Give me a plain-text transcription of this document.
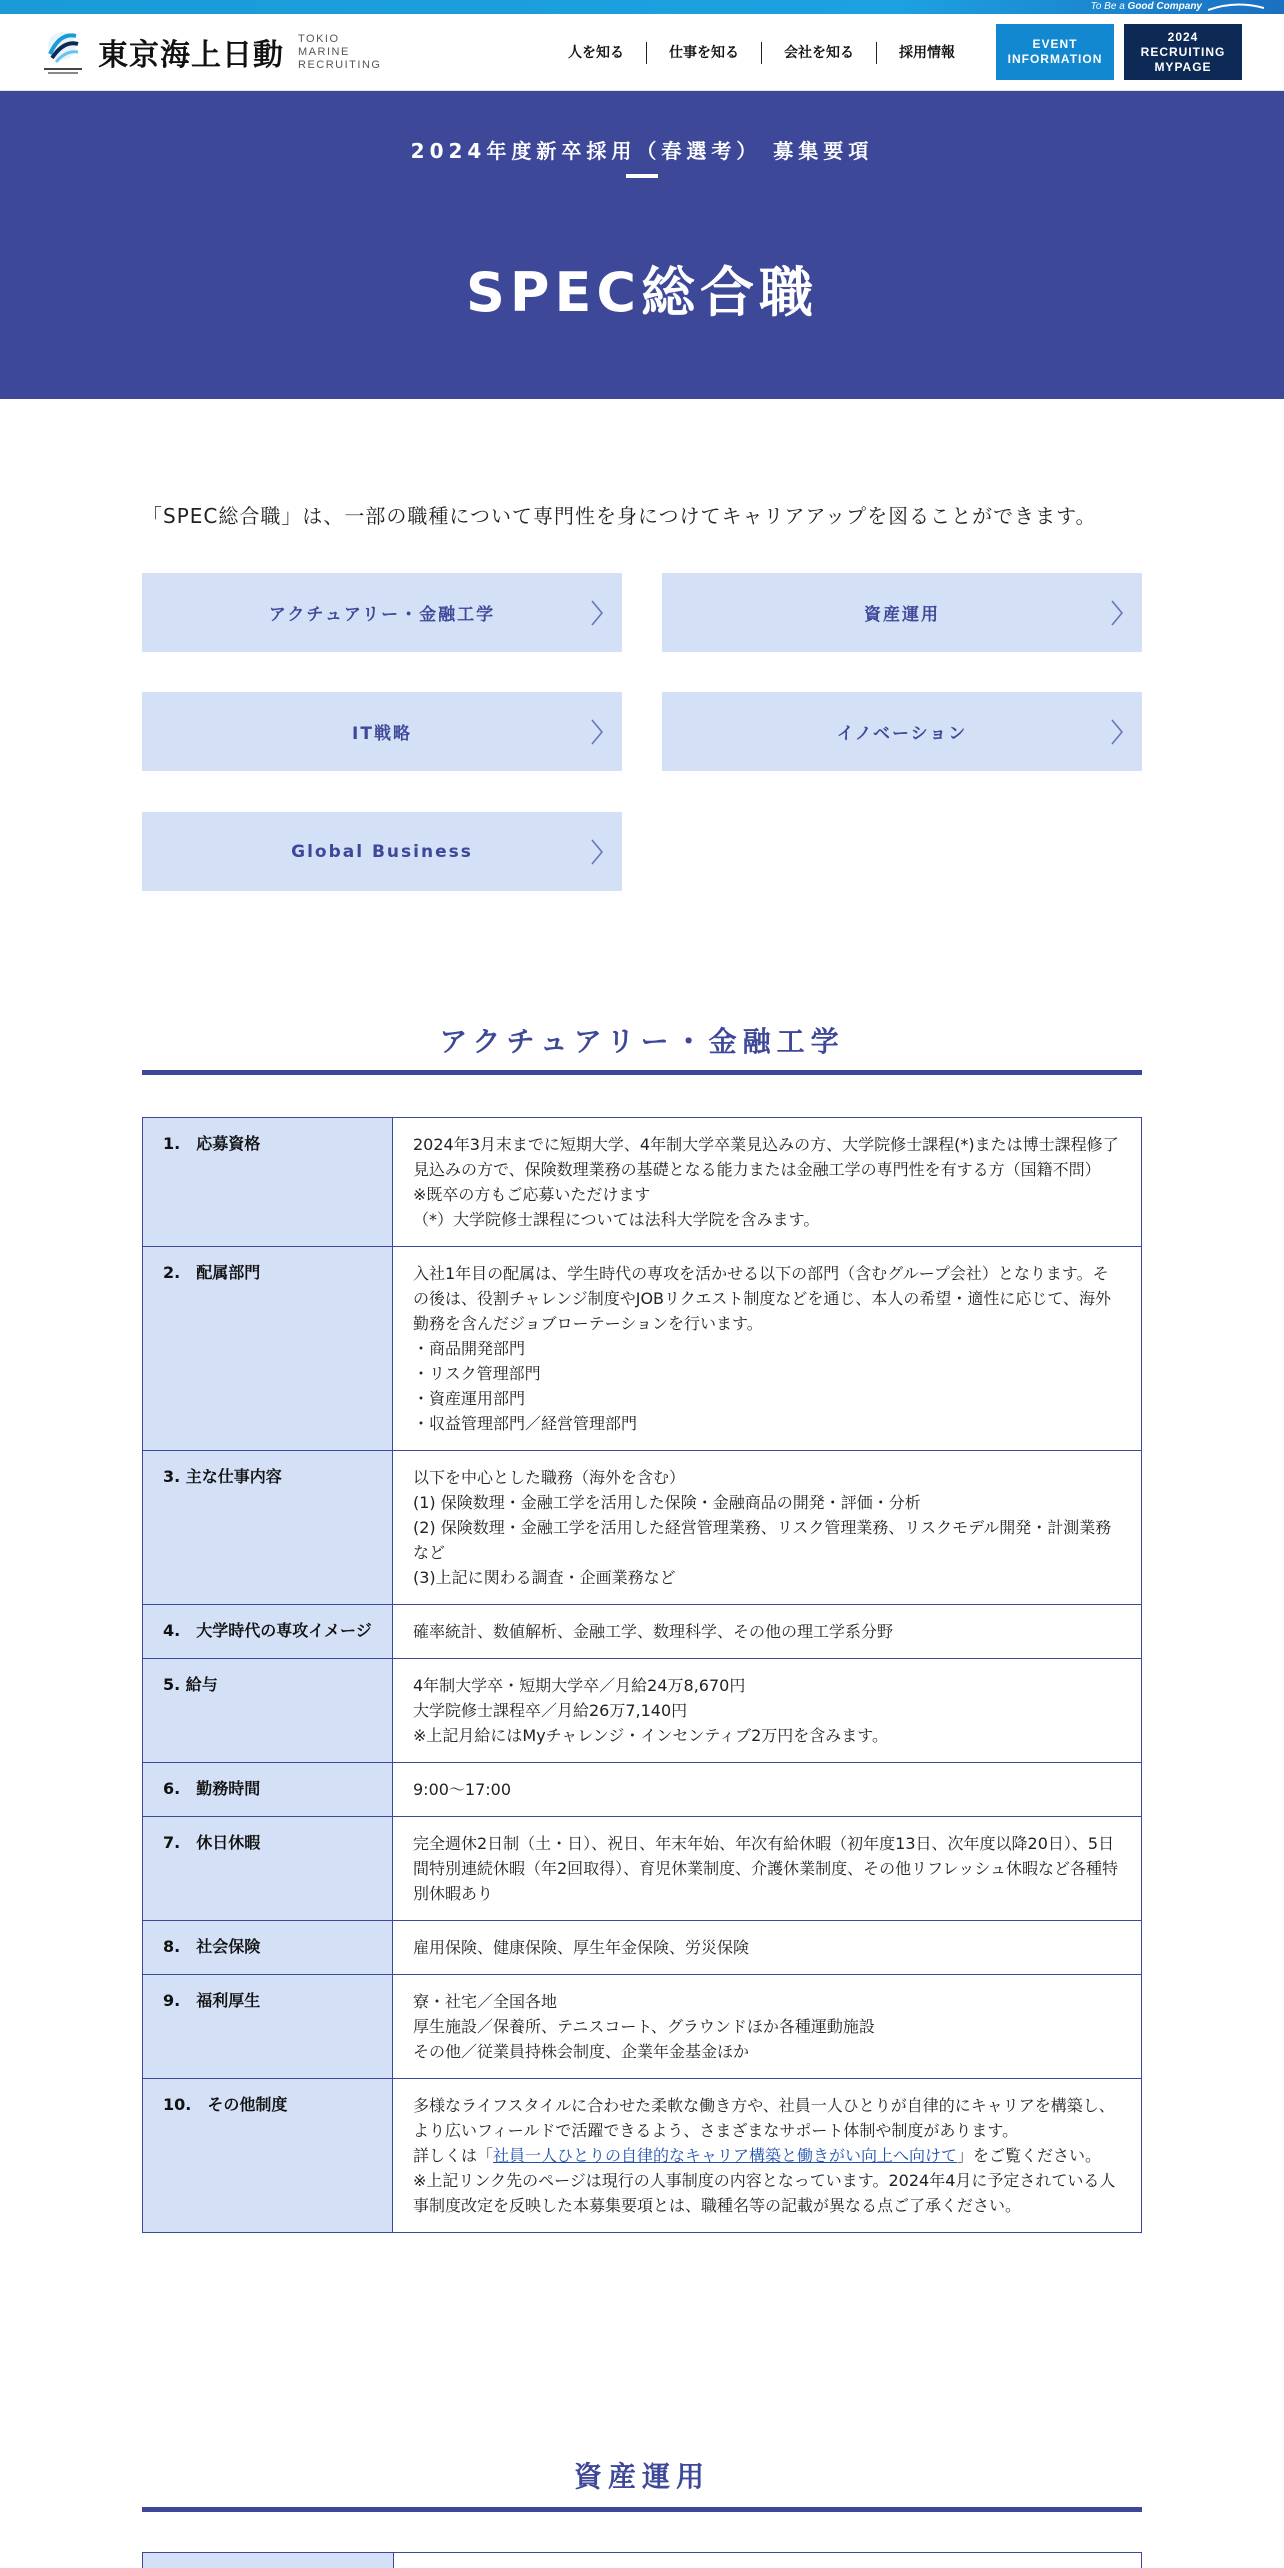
To Be a Good Company
東京海上日動 TOKIO MARINE RECRUITING
人を知る	仕事を知る	会社を知る	採用情報
EVENT INFORMATION
2024 RECRUITING MYPAGE
2024年度新卒採用（春選考） 募集要項
SPEC総合職

「SPEC総合職」は、一部の職種について専門性を身につけてキャリアアップを図ることができます。

アクチュアリー・金融工学	資産運用
IT戦略	イノベーション
Global Business
アクチュアリー・金融工学
1.　応募資格	2024年3月末までに短期大学、4年制大学卒業見込みの方、大学院修士課程(*)または博士課程修了見込みの方で、保険数理業務の基礎となる能力または金融工学の専門性を有する方（国籍不問）
※既卒の方もご応募いただけます
（*）大学院修士課程については法科大学院を含みます。
2.　配属部門	入社1年目の配属は、学生時代の専攻を活かせる以下の部門（含むグループ会社）となります。その後は、役割チャレンジ制度やJOBリクエスト制度などを通じ、本人の希望・適性に応じて、海外勤務を含んだジョブローテーションを行います。
・商品開発部門
・リスク管理部門
・資産運用部門
・収益管理部門／経営管理部門
3. 主な仕事内容	以下を中心とした職務（海外を含む）
(1) 保険数理・金融工学を活用した保険・金融商品の開発・評価・分析
(2) 保険数理・金融工学を活用した経営管理業務、リスク管理業務、リスクモデル開発・計測業務など
(3)上記に関わる調査・企画業務など
4.　大学時代の専攻イメージ	確率統計、数値解析、金融工学、数理科学、その他の理工学系分野
5. 給与	4年制大学卒・短期大学卒／月給24万8,670円
大学院修士課程卒／月給26万7,140円
※上記月給にはMyチャレンジ・インセンティブ2万円を含みます。
6.　勤務時間	9:00〜17:00
7.　休日休暇	完全週休2日制（土・日）、祝日、年末年始、年次有給休暇（初年度13日、次年度以降20日）、5日間特別連続休暇（年2回取得）、育児休業制度、介護休業制度、その他リフレッシュ休暇など各種特別休暇あり
8.　社会保険	雇用保険、健康保険、厚生年金保険、労災保険
9.　福利厚生	寮・社宅／全国各地
厚生施設／保養所、テニスコート、グラウンドほか各種運動施設
その他／従業員持株会制度、企業年金基金ほか
10.　その他制度	多様なライフスタイルに合わせた柔軟な働き方や、社員一人ひとりが自律的にキャリアを構築し、より広いフィールドで活躍できるよう、さまざまなサポート体制や制度があります。
詳しくは「社員一人ひとりの自律的なキャリア構築と働きがい向上へ向けて」をご覧ください。
※上記リンク先のページは現行の人事制度の内容となっています。2024年4月に予定されている人事制度改定を反映した本募集要項とは、職種名等の記載が異なる点ご了承ください。
資産運用
